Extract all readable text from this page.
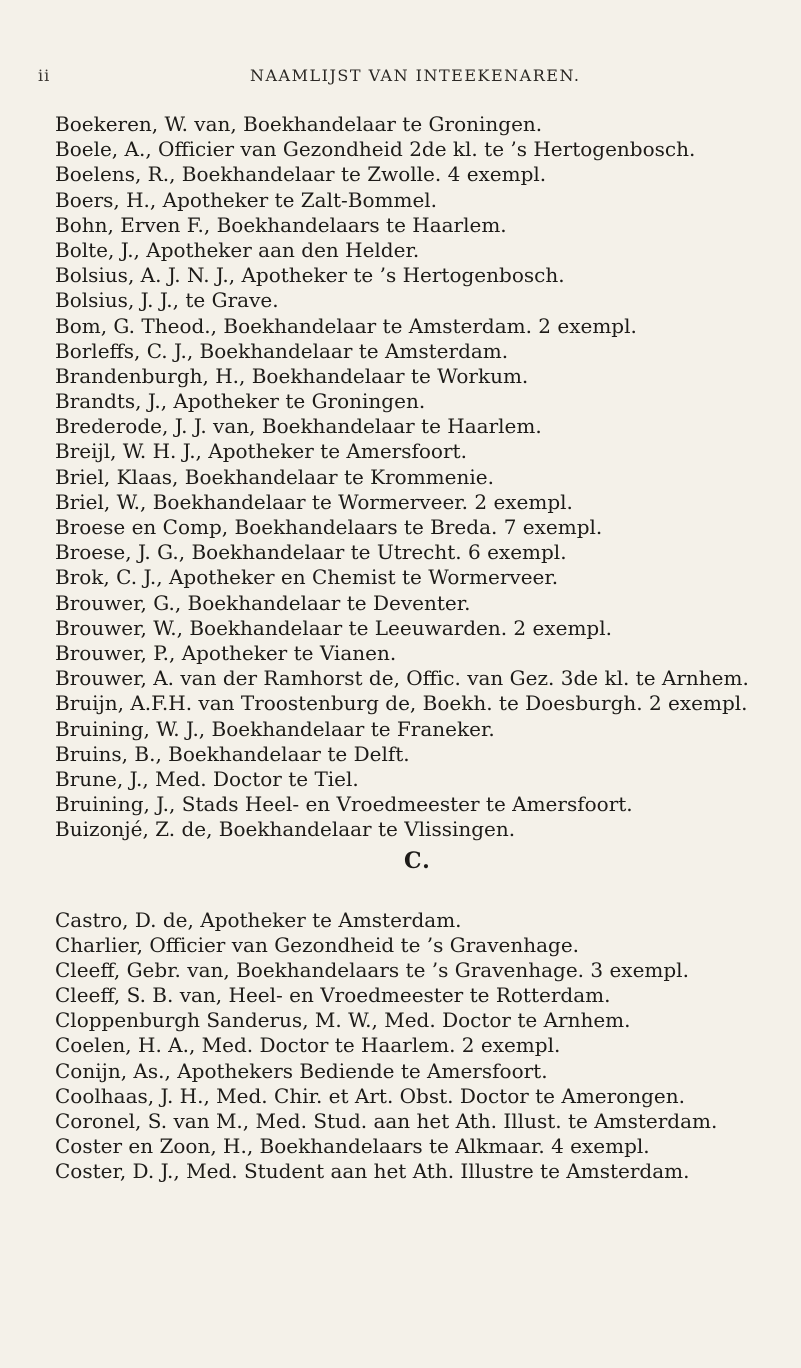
ii	NAAMLIJST VAN INTEEKENAREN.
Boekeren, W. van, Boekhandelaar te Groningen.
Boele, A., Officier van Gezondheid 2de kl. te ’s Hertogenbosch.
Boelens, R., Boekhandelaar te Zwolle. 4 exempl.
Boers, H., Apotheker te Zalt-Bommel.
Bohn, Erven F., Boekhandelaars te Haarlem.
Bolte, J., Apotheker aan den Helder.
Bolsius, A. J. N. J., Apotheker te ’s Hertogenbosch.
Bolsius, J. J., te Grave.
Bom, G. Theod., Boekhandelaar te Amsterdam. 2 exempl.
Borleffs, C. J., Boekhandelaar te Amsterdam.
Brandenburgh, H., Boekhandelaar te Workum.
Brandts, J., Apotheker te Groningen.
Brederode, J. J. van, Boekhandelaar te Haarlem.
Breijl, W. H. J., Apotheker te Amersfoort.
Briel, Klaas, Boekhandelaar te Krommenie.
Briel, W., Boekhandelaar te Wormerveer. 2 exempl.
Broese en Comp, Boekhandelaars te Breda. 7 exempl.
Broese, J. G., Boekhandelaar te Utrecht. 6 exempl.
Brok, C. J., Apotheker en Chemist te Wormerveer.
Brouwer, G., Boekhandelaar te Deventer.
Brouwer, W., Boekhandelaar te Leeuwarden. 2 exempl.
Brouwer, P., Apotheker te Vianen.
Brouwer, A. van der Ramhorst de, Offic. van Gez. 3de kl. te Arnhem.
Bruijn, A.F.H. van Troostenburg de, Boekh. te Doesburgh. 2 exempl.
Bruining, W. J., Boekhandelaar te Franeker.
Bruins, B., Boekhandelaar te Delft.
Brune, J., Med. Doctor te Tiel.
Bruining, J., Stads Heel- en Vroedmeester te Amersfoort.
Buizonjé, Z. de, Boekhandelaar te Vlissingen.
C.
Castro, D. de, Apotheker te Amsterdam.
Charlier, Officier van Gezondheid te ’s Gravenhage.
Cleeff, Gebr. van, Boekhandelaars te ’s Gravenhage. 3 exempl.
Cleeff, S. B. van, Heel- en Vroedmeester te Rotterdam.
Cloppenburgh Sanderus, M. W., Med. Doctor te Arnhem.
Coelen, H. A., Med. Doctor te Haarlem. 2 exempl.
Conijn, As., Apothekers Bediende te Amersfoort.
Coolhaas, J. H., Med. Chir. et Art. Obst. Doctor te Amerongen.
Coronel, S. van M., Med. Stud. aan het Ath. Illust. te Amsterdam.
Coster en Zoon, H., Boekhandelaars te Alkmaar. 4 exempl.
Coster, D. J., Med. Student aan het Ath. Illustre te Amsterdam.
